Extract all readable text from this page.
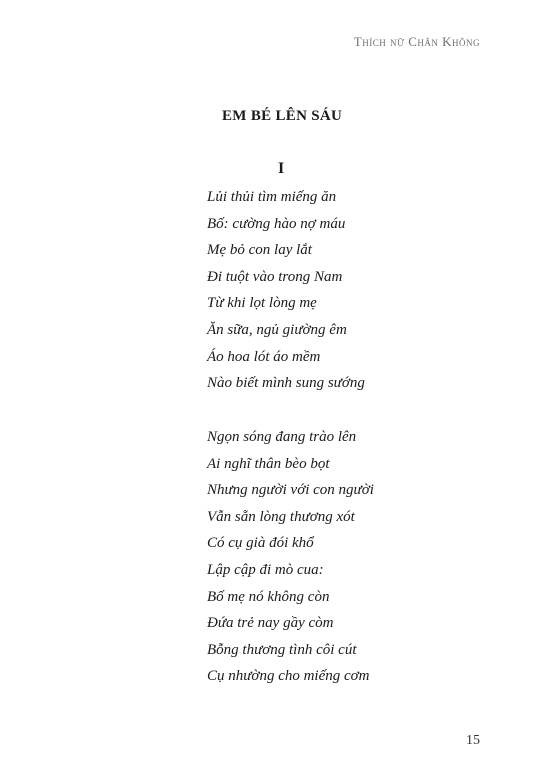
Thích nữ Chân Không
EM BÉ LÊN SÁU
I
Lủi thủi tìm miếng ăn
Bố: cường hào nợ máu
Mẹ bỏ con lay lắt
Đi tuột vào trong Nam
Từ khi lọt lòng mẹ
Ăn sữa, ngủ giường êm
Áo hoa lót áo mềm
Nào biết mình sung sướng
Ngọn sóng đang trào lên
Ai nghĩ thân bèo bọt
Nhưng người với con người
Vẫn sẵn lòng thương xót
Có cụ già đói khổ
Lập cập đi mò cua:
Bố mẹ nó không còn
Đứa trẻ nay gầy còm
Bỗng thương tình côi cút
Cụ nhường cho miếng cơm
15
